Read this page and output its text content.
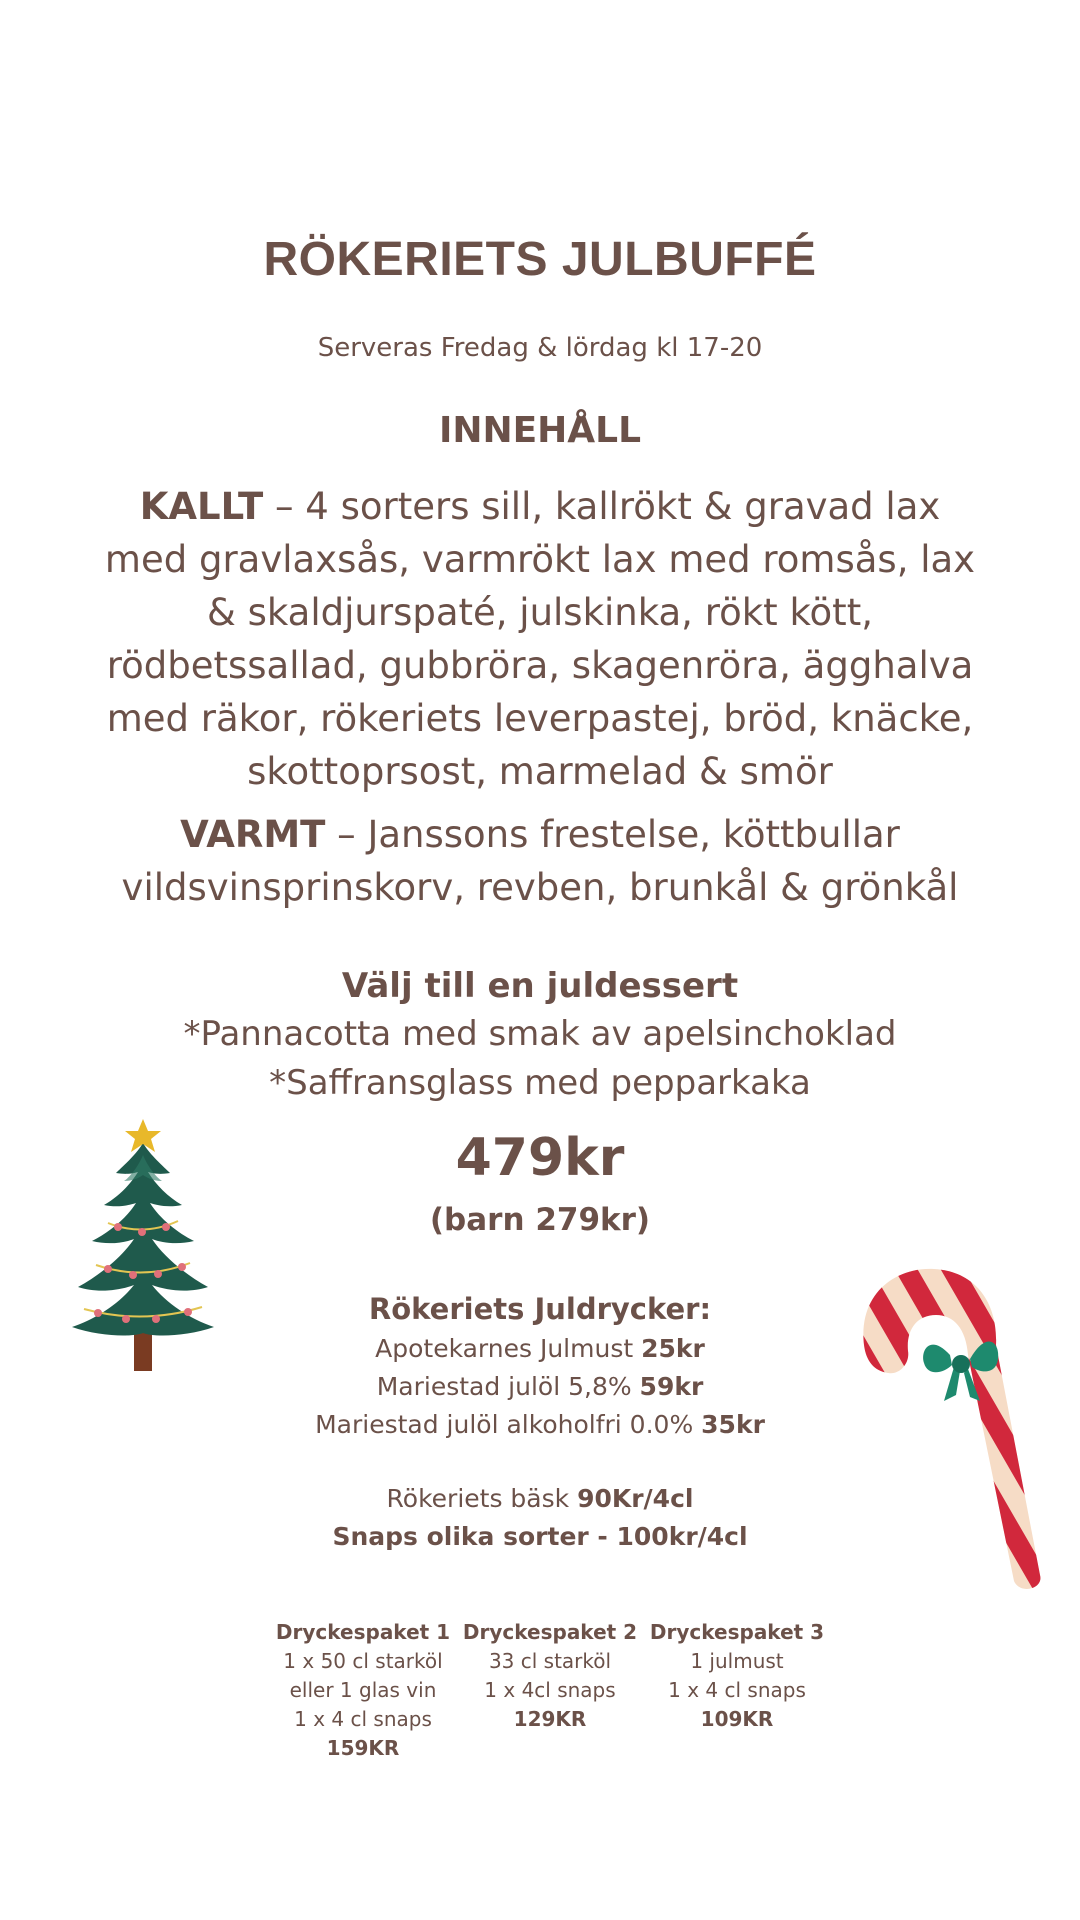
RÖKERIETS JULBUFFÉ

Serveras Fredag & lördag kl 17-20

INNEHÅLL

KALLT – 4 sorters sill, kallrökt & gravad lax med gravlaxsås, varmrökt lax med romsås, lax & skaldjurspaté, julskinka, rökt kött, rödbetssallad, gubbröra, skagenröra, ägghalva med räkor, rökeriets leverpastej, bröd, knäcke, skottoprsost, marmelad & smör

VARMT – Janssons frestelse, köttbullar vildsvinsprinskorv, revben, brunkål & grönkål

Välj till en juldessert
*Pannacotta med smak av apelsinchoklad
*Saffransglass med pepparkaka
479kr
(barn 279kr)
Rökeriets Juldrycker:
Apotekarnes Julmust 25kr
Mariestad julöl 5,8% 59kr
Mariestad julöl alkoholfri 0.0% 35kr
Rökeriets bäsk 90Kr/4cl
Snaps olika sorter - 100kr/4cl
Dryckespaket 1
1 x 50 cl starköl
eller 1 glas vin
1 x 4 cl snaps
159KR
Dryckespaket 2
33 cl starköl
1 x 4cl snaps
129KR
Dryckespaket 3
1 julmust
1 x 4 cl snaps
109KR
